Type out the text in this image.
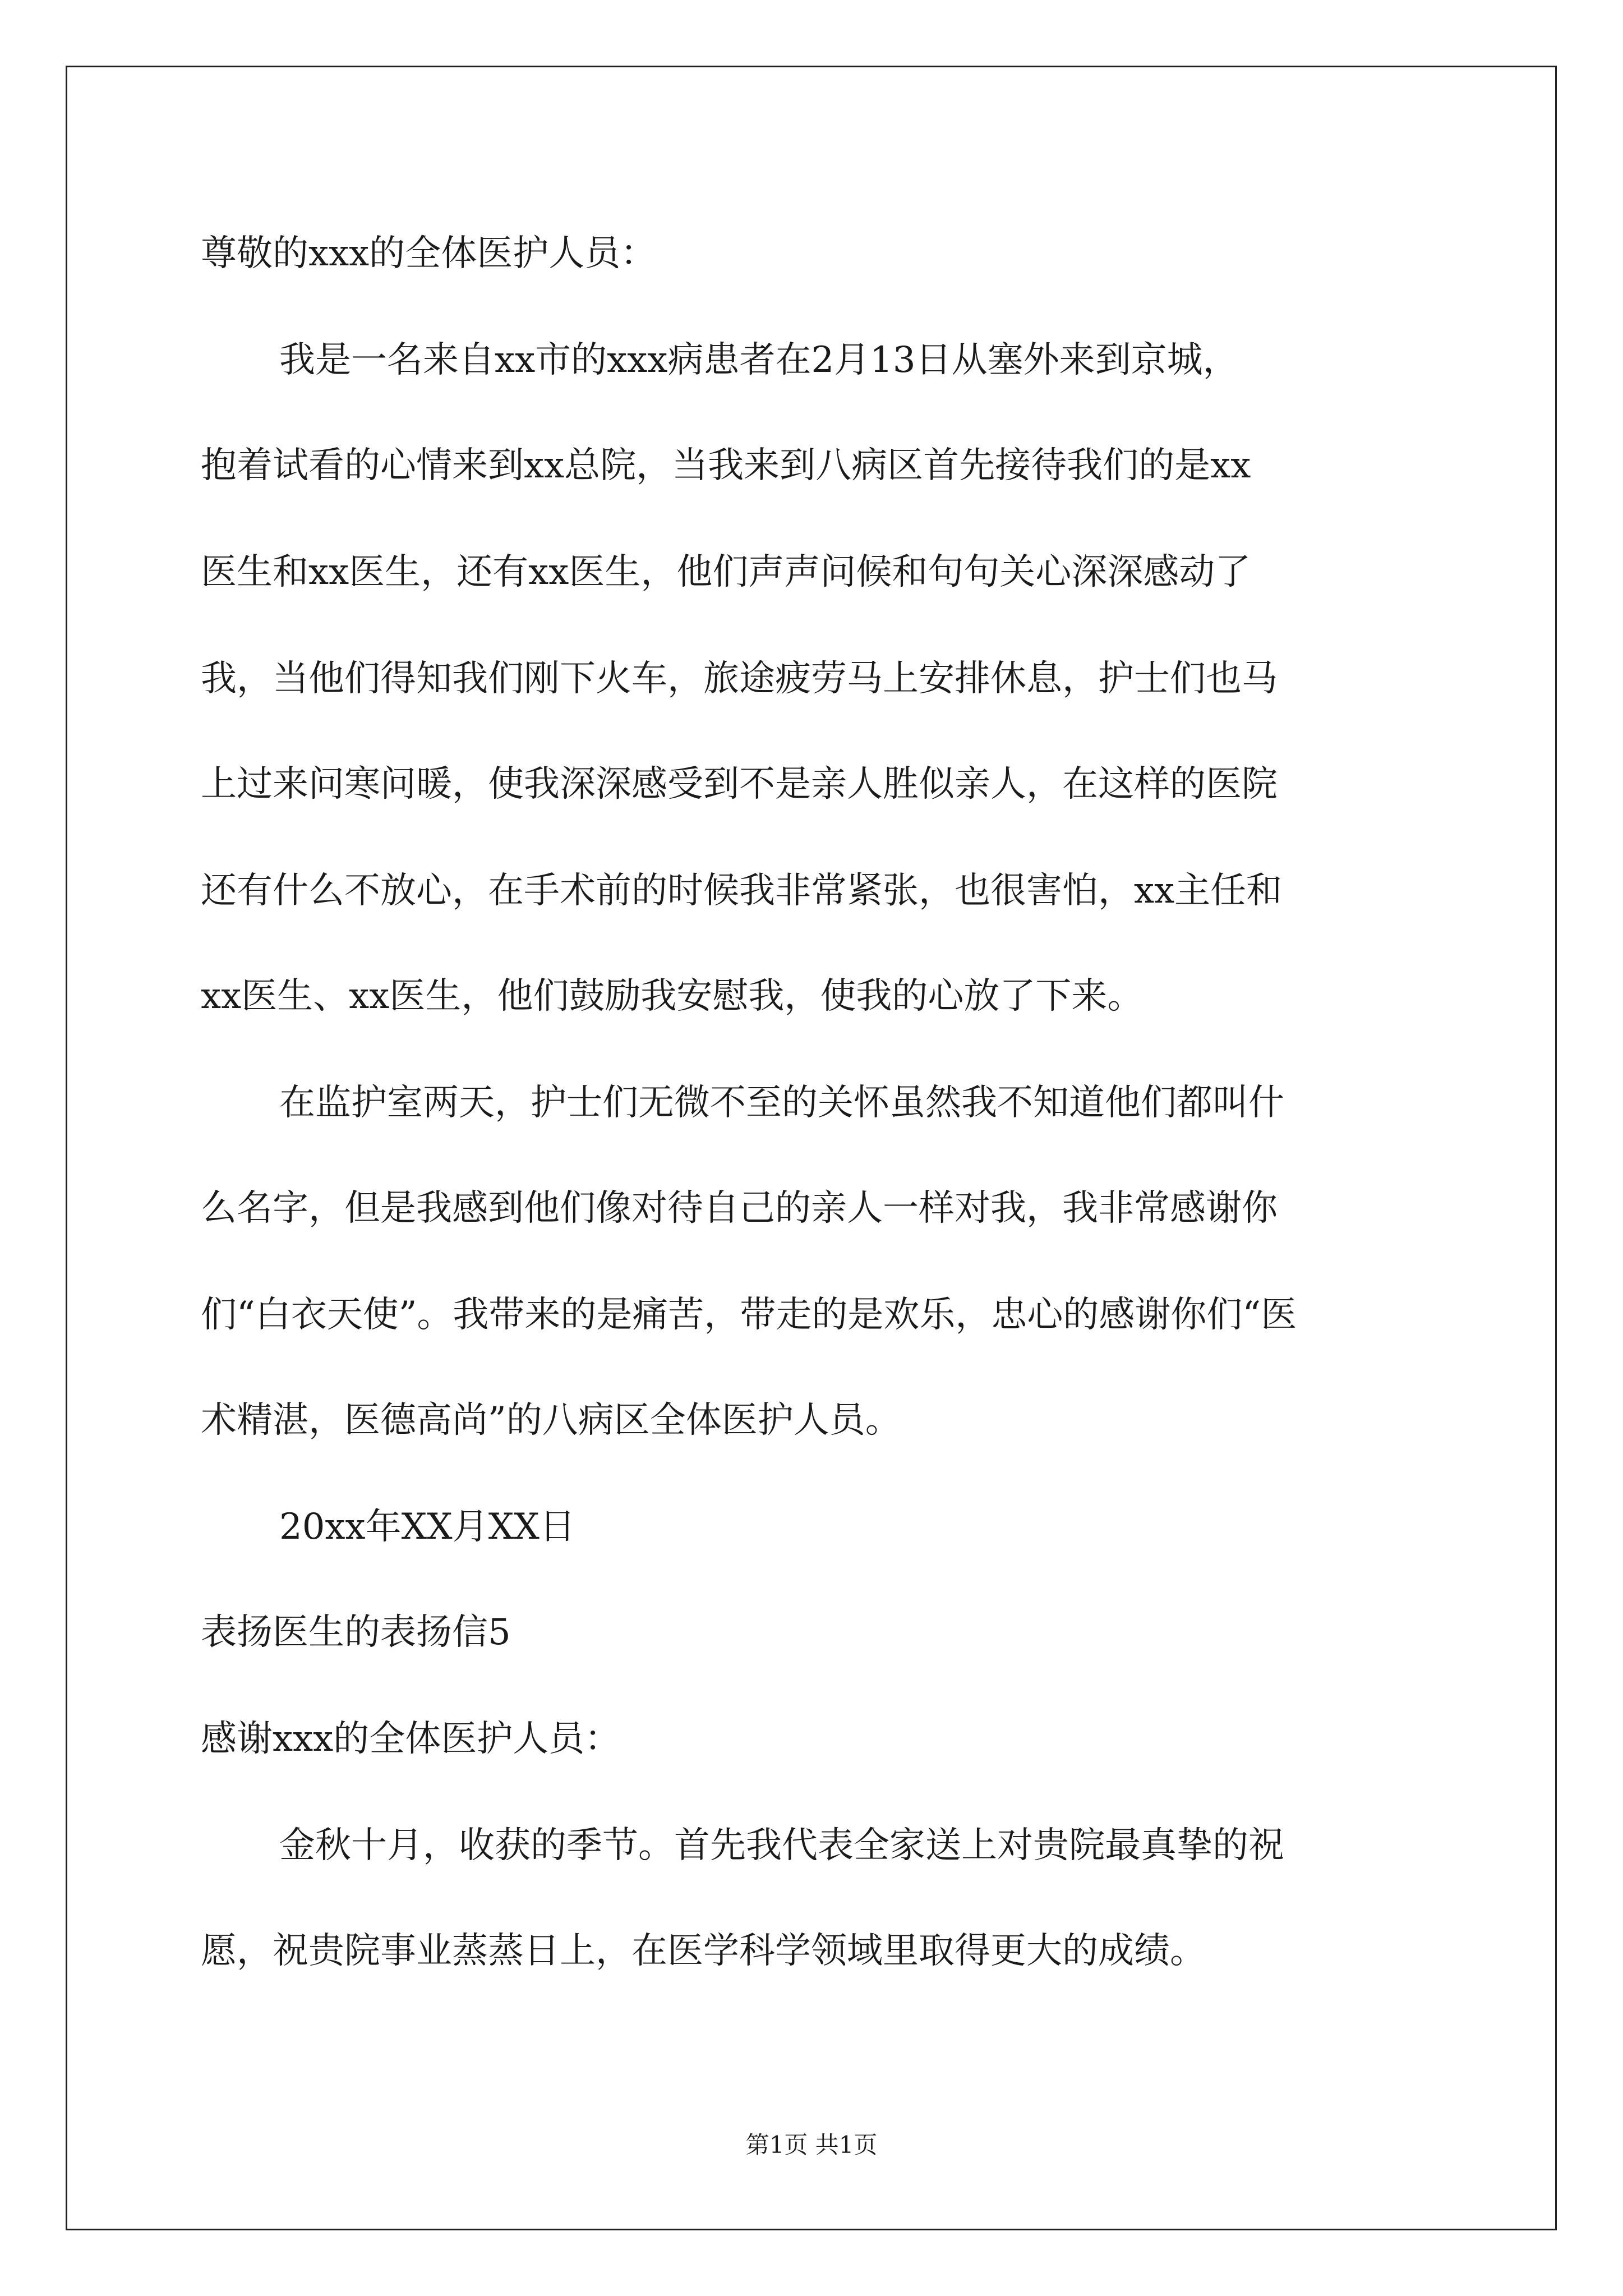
尊敬的xxx的全体医护人员：
我是一名来自xx市的xxx病患者在2月13日从塞外来到京城，
抱着试看的心情来到xx总院，当我来到八病区首先接待我们的是xx
医生和xx医生，还有xx医生，他们声声问候和句句关心深深感动了
我，当他们得知我们刚下火车，旅途疲劳马上安排休息，护士们也马
上过来问寒问暖，使我深深感受到不是亲人胜似亲人，在这样的医院
还有什么不放心，在手术前的时候我非常紧张，也很害怕，xx主任和
xx医生、xx医生，他们鼓励我安慰我，使我的心放了下来。
在监护室两天，护士们无微不至的关怀虽然我不知道他们都叫什
么名字，但是我感到他们像对待自己的亲人一样对我，我非常感谢你
们“白衣天使”。我带来的是痛苦，带走的是欢乐，忠心的感谢你们“医
术精湛，医德高尚”的八病区全体医护人员。
20xx年XX月XX日
表扬医生的表扬信5
感谢xxx的全体医护人员：
金秋十月，收获的季节。首先我代表全家送上对贵院最真挚的祝
愿，祝贵院事业蒸蒸日上，在医学科学领域里取得更大的成绩。
第1页 共1页
